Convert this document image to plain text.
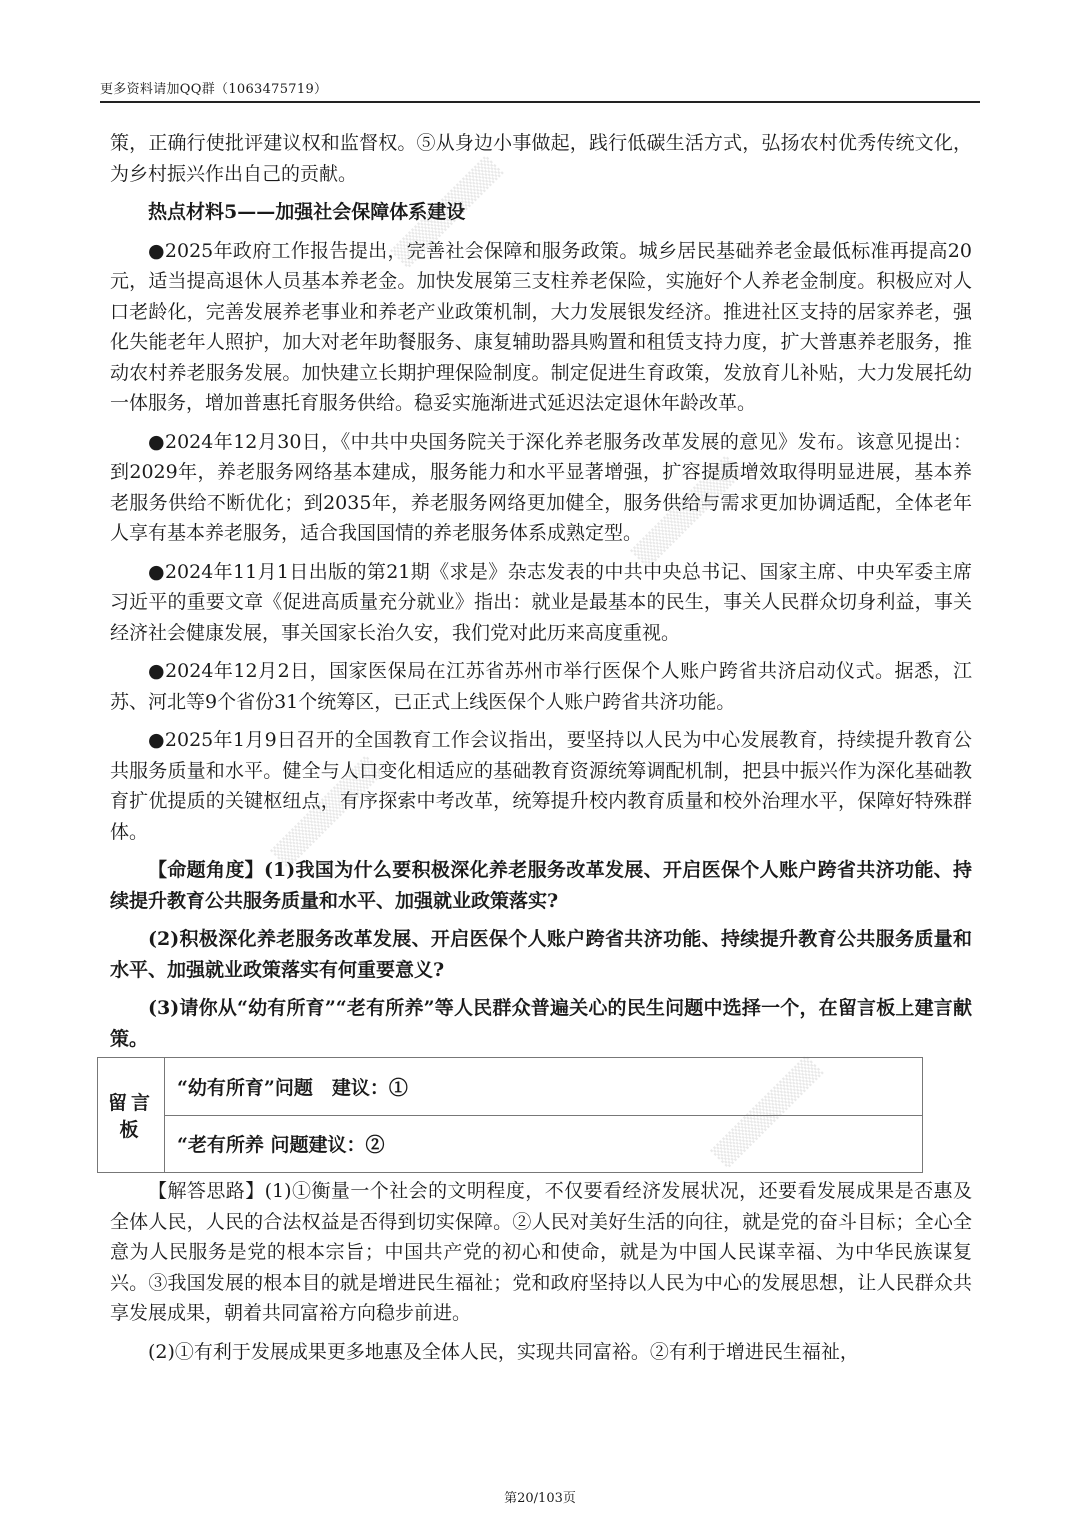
▒▒▒▒▒▒▒▒
▒▒▒▒▒▒▒▒
▒▒▒▒▒▒▒▒
▒▒▒▒▒▒▒▒
更多资料请加QQ群（1063475719）

策，正确行使批评建议权和监督权。⑤从身边小事做起，践行低碳生活方式，弘扬农村优秀传统文化，为乡村振兴作出自己的贡献。

热点材料5——加强社会保障体系建设

●2025年政府工作报告提出，完善社会保障和服务政策。城乡居民基础养老金最低标准再提高20元，适当提高退休人员基本养老金。加快发展第三支柱养老保险，实施好个人养老金制度。积极应对人口老龄化，完善发展养老事业和养老产业政策机制，大力发展银发经济。推进社区支持的居家养老，强化失能老年人照护，加大对老年助餐服务、康复辅助器具购置和租赁支持力度，扩大普惠养老服务，推动农村养老服务发展。加快建立长期护理保险制度。制定促进生育政策，发放育儿补贴，大力发展托幼一体服务，增加普惠托育服务供给。稳妥实施渐进式延迟法定退休年龄改革。

●2024年12月30日，《中共中央国务院关于深化养老服务改革发展的意见》发布。该意见提出：到2029年，养老服务网络基本建成，服务能力和水平显著增强，扩容提质增效取得明显进展，基本养老服务供给不断优化；到2035年，养老服务网络更加健全，服务供给与需求更加协调适配，全体老年人享有基本养老服务，适合我国国情的养老服务体系成熟定型。

●2024年11月1日出版的第21期《求是》杂志发表的中共中央总书记、国家主席、中央军委主席习近平的重要文章《促进高质量充分就业》指出：就业是最基本的民生，事关人民群众切身利益，事关经济社会健康发展，事关国家长治久安，我们党对此历来高度重视。

●2024年12月2日，国家医保局在江苏省苏州市举行医保个人账户跨省共济启动仪式。据悉，江苏、河北等9个省份31个统筹区，已正式上线医保个人账户跨省共济功能。

●2025年1月9日召开的全国教育工作会议指出，要坚持以人民为中心发展教育，持续提升教育公共服务质量和水平。健全与人口变化相适应的基础教育资源统筹调配机制，把县中振兴作为深化基础教育扩优提质的关键枢纽点，有序探索中考改革，统筹提升校内教育质量和校外治理水平，保障好特殊群体。

【命题角度】(1)我国为什么要积极深化养老服务改革发展、开启医保个人账户跨省共济功能、持续提升教育公共服务质量和水平、加强就业政策落实?

(2)积极深化养老服务改革发展、开启医保个人账户跨省共济功能、持续提升教育公共服务质量和水平、加强就业政策落实有何重要意义?

(3)请你从“幼有所育”“老有所养”等人民群众普遍关心的民生问题中选择一个，在留言板上建言献策。

留言板	“幼有所育”问题　建议：①
“老有所养 问题建议：②

【解答思路】(1)①衡量一个社会的文明程度，不仅要看经济发展状况，还要看发展成果是否惠及全体人民，人民的合法权益是否得到切实保障。②人民对美好生活的向往，就是党的奋斗目标；全心全意为人民服务是党的根本宗旨；中国共产党的初心和使命，就是为中国人民谋幸福、为中华民族谋复兴。③我国发展的根本目的就是增进民生福祉；党和政府坚持以人民为中心的发展思想，让人民群众共享发展成果，朝着共同富裕方向稳步前进。

(2)①有利于发展成果更多地惠及全体人民，实现共同富裕。②有利于增进民生福祉，

第20/103页
